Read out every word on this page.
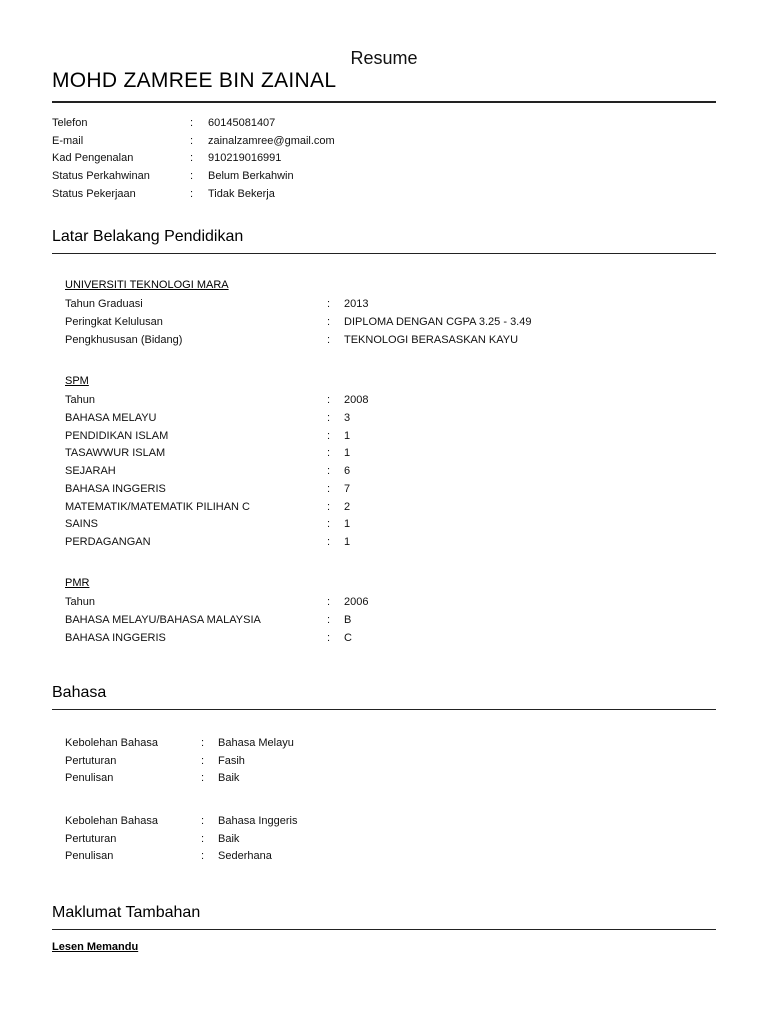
Resume
MOHD ZAMREE BIN ZAINAL
Telefon	: 60145081407
E-mail	: zainalzamree@gmail.com
Kad Pengenalan	: 910219016991
Status Perkahwinan	: Belum Berkahwin
Status Pekerjaan	: Tidak Bekerja
Latar Belakang Pendidikan
UNIVERSITI TEKNOLOGI MARA
Tahun Graduasi	: 2013
Peringkat Kelulusan	: DIPLOMA DENGAN CGPA 3.25 - 3.49
Pengkhususan (Bidang)	: TEKNOLOGI BERASASKAN KAYU
SPM
Tahun	: 2008
BAHASA MELAYU	: 3
PENDIDIKAN ISLAM	: 1
TASAWWUR ISLAM	: 1
SEJARAH	: 6
BAHASA INGGERIS	: 7
MATEMATIK/MATEMATIK PILIHAN C	: 2
SAINS	: 1
PERDAGANGAN	: 1
PMR
Tahun	: 2006
BAHASA MELAYU/BAHASA MALAYSIA	: B
BAHASA INGGERIS	: C
Bahasa
Kebolehan Bahasa	: Bahasa Melayu
Pertuturan	: Fasih
Penulisan	: Baik
Kebolehan Bahasa	: Bahasa Inggeris
Pertuturan	: Baik
Penulisan	: Sederhana
Maklumat Tambahan
Lesen Memandu
